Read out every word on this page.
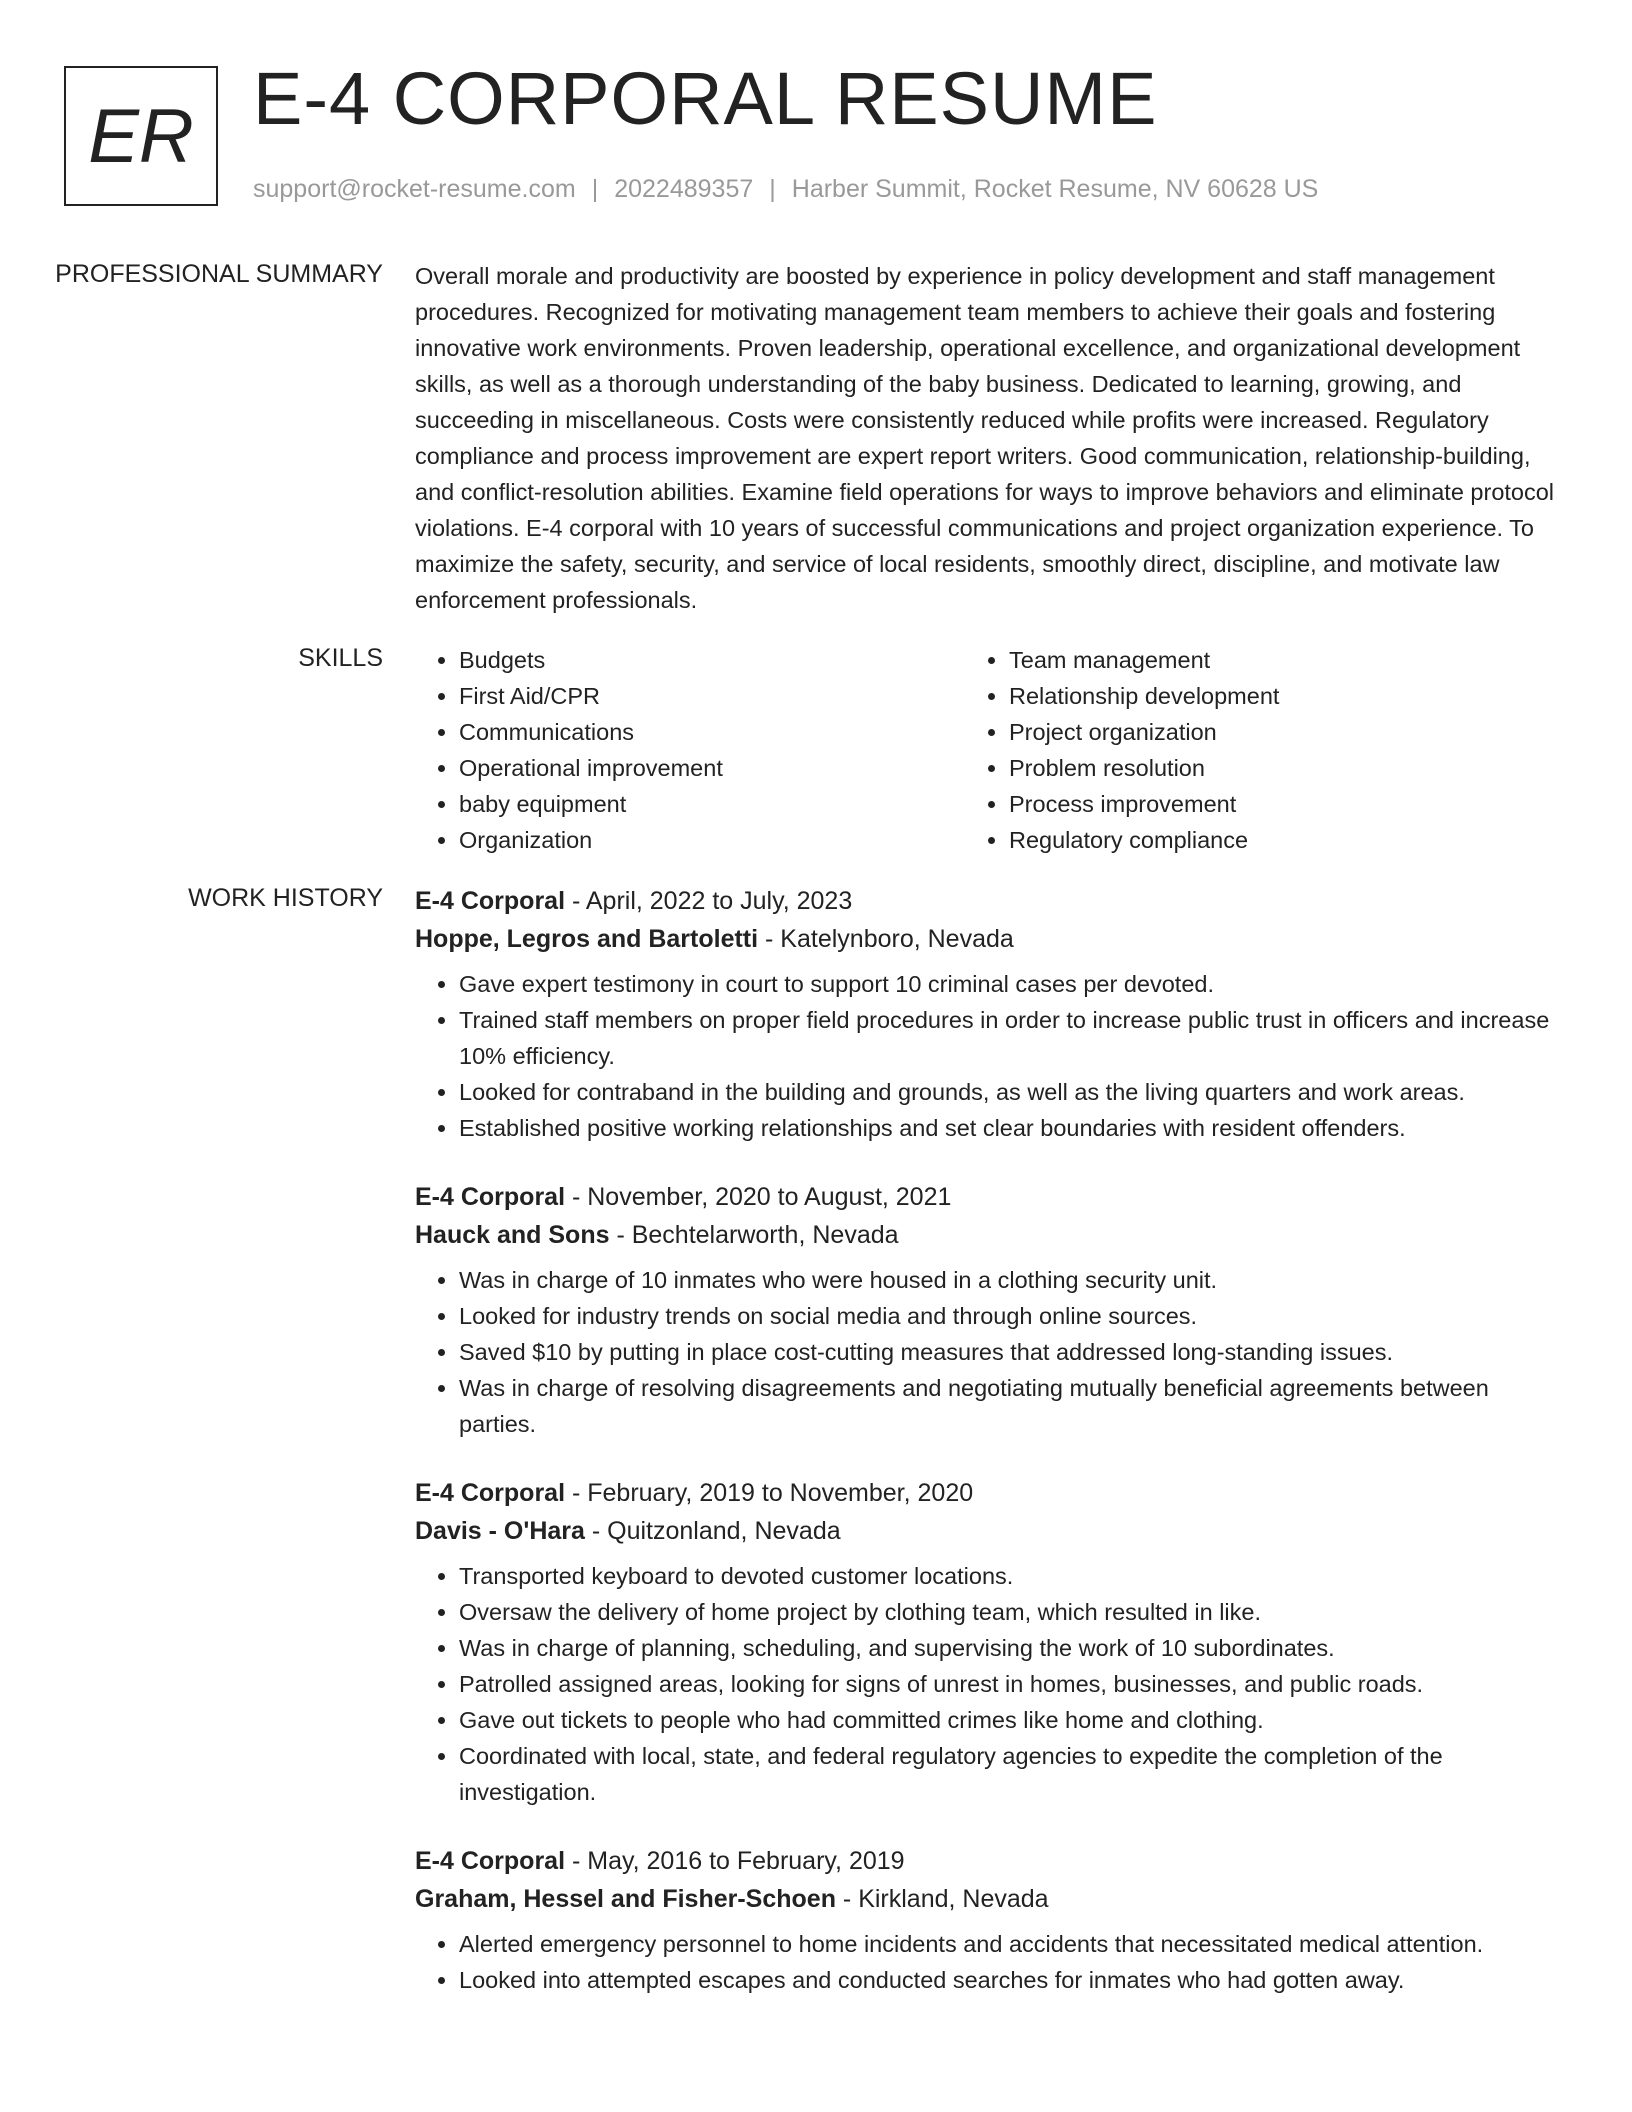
ER E-4 CORPORAL RESUME
support@rocket-resume.com | 2022489357 | Harber Summit, Rocket Resume, NV 60628 US
PROFESSIONAL SUMMARY	Overall morale and productivity are boosted by experience in policy development and staff management procedures. Recognized for motivating management team members to achieve their goals and fostering innovative work environments. Proven leadership, operational excellence, and organizational development skills, as well as a thorough understanding of the baby business. Dedicated to learning, growing, and succeeding in miscellaneous. Costs were consistently reduced while profits were increased. Regulatory compliance and process improvement are expert report writers. Good communication, relationship-building, and conflict-resolution abilities. Examine field operations for ways to improve behaviors and eliminate protocol violations. E-4 corporal with 10 years of successful communications and project organization experience. To maximize the safety, security, and service of local residents, smoothly direct, discipline, and motivate law enforcement professionals.

SKILLS
•	Budgets
• First Aid/CPR
• Communications
• Operational improvement
• baby equipment
• Organization
• Team management
• Relationship development
• Project organization
• Problem resolution
• Process improvement
• Regulatory compliance
WORK HISTORY	E-4 Corporal - April, 2022 to July, 2023
Hoppe, Legros and Bartoletti - Katelynboro, Nevada
• Gave expert testimony in court to support 10 criminal cases per devoted.
• Trained staff members on proper field procedures in order to increase public trust in officers and increase 10% efficiency.
• Looked for contraband in the building and grounds, as well as the living quarters and work areas.
• Established positive working relationships and set clear boundaries with resident offenders.
E-4 Corporal - November, 2020 to August, 2021
Hauck and Sons - Bechtelarworth, Nevada
• Was in charge of 10 inmates who were housed in a clothing security unit.
• Looked for industry trends on social media and through online sources.
• Saved $10 by putting in place cost-cutting measures that addressed long-standing issues.
• Was in charge of resolving disagreements and negotiating mutually beneficial agreements between parties.
E-4 Corporal - February, 2019 to November, 2020
Davis - O'Hara - Quitzonland, Nevada
• Transported keyboard to devoted customer locations.
• Oversaw the delivery of home project by clothing team, which resulted in like.
• Was in charge of planning, scheduling, and supervising the work of 10 subordinates.
• Patrolled assigned areas, looking for signs of unrest in homes, businesses, and public roads.
• Gave out tickets to people who had committed crimes like home and clothing.
• Coordinated with local, state, and federal regulatory agencies to expedite the completion of the investigation.
E-4 Corporal - May, 2016 to February, 2019
Graham, Hessel and Fisher-Schoen - Kirkland, Nevada
• Alerted emergency personnel to home incidents and accidents that necessitated medical attention.
• Looked into attempted escapes and conducted searches for inmates who had gotten away.
